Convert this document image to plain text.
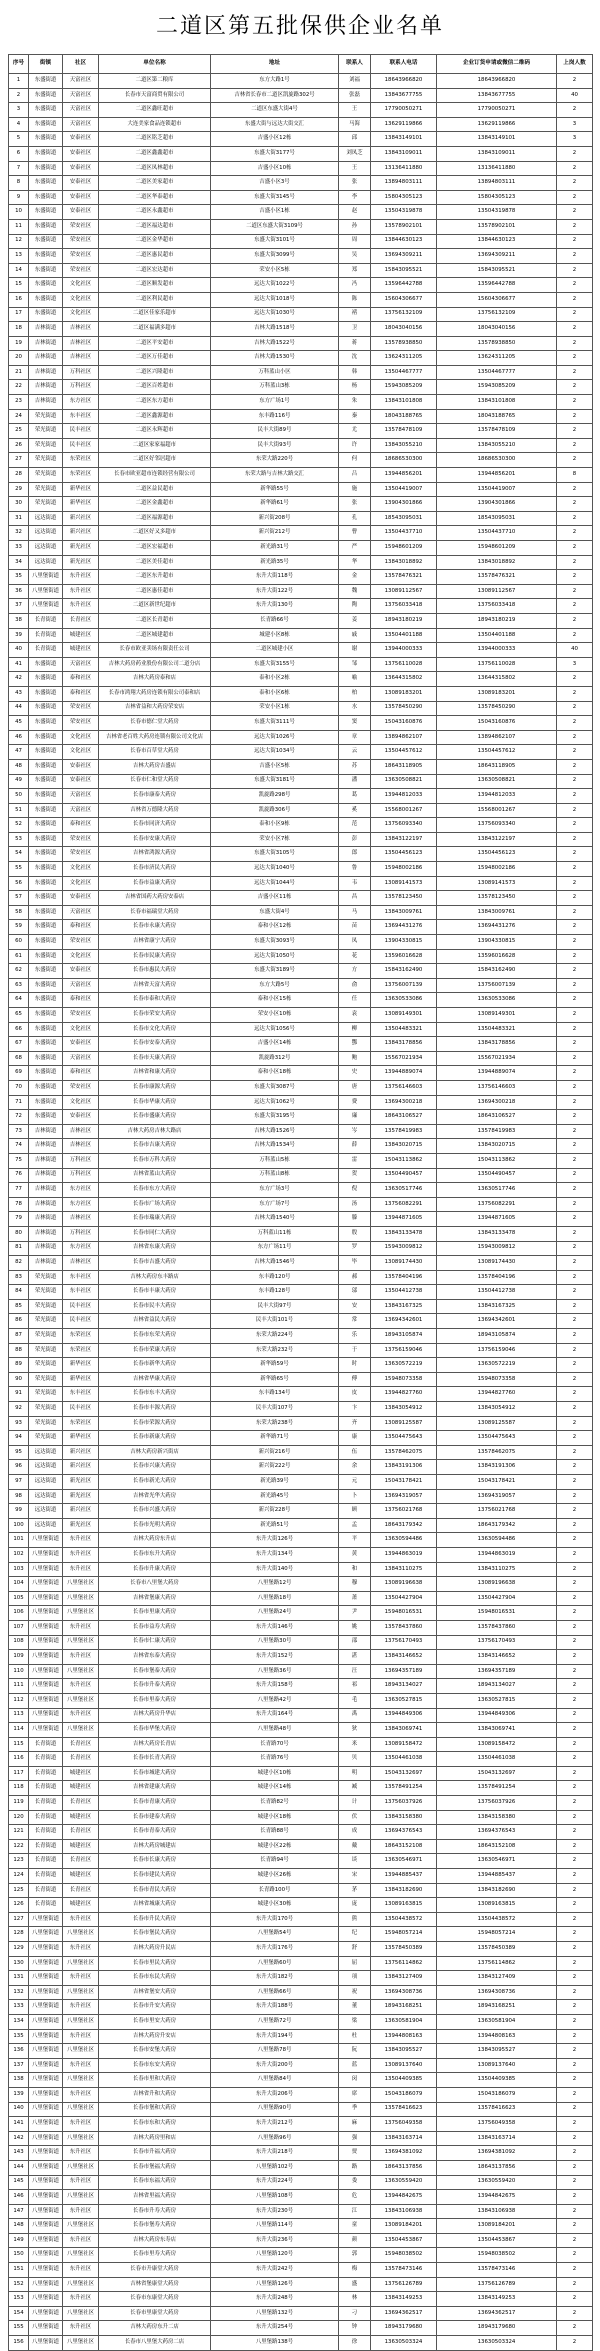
二道区第五批保供企业名单
序号	街镇	社区	单位名称	地址	联系人	联系人电话	企业订货申请或微信二维码	上岗人数
1	东盛街道	天富社区	二道区第二粮库	东方大路1号	刘福	18643966820	18643966820	2
2	东盛街道	天富社区	长春市天富商贸有限公司	吉林省长春市二道区凯旋路302号	张磊	13843677755	13843677755	40
3	东盛街道	天富社区	二道区鑫旺超市	二道区东盛大街4号	王	17790050271	17790050271	2
4	东盛街道	天富社区	大连美家食品连锁超市	东盛大街与远达大街交汇	马海	13629119866	13629119866	3
5	东盛街道	安泰社区	二道区铭芝超市	吉盛小区12栋	邱	13843149101	13843149101	3
6	东盛街道	安泰社区	二道区鑫鑫超市	东盛大街3177号	刘凤芝	13843109011	13843109011	2
7	东盛街道	安泰社区	二道区凤林超市	吉盛小区10栋	王	13136411880	13136411880	2
8	东盛街道	安泰社区	二道区美家超市	吉盛小区3号	张	13894803111	13894803111	2
9	东盛街道	安泰社区	二道区华泰超市	东盛大街3145号	李	15804305123	15804305123	2
10	东盛街道	安泰社区	二道区永鑫超市	吉盛小区1栋	赵	13504319878	13504319878	2
11	东盛街道	荣安社区	二道区福达超市	二道区东盛大街3109号	孙	13578902101	13578902101	2
12	东盛街道	荣安社区	二道区金华超市	东盛大街3101号	周	13844630123	13844630123	2
13	东盛街道	荣安社区	二道区惠民超市	东盛大街3099号	吴	13694309211	13694309211	2
14	东盛街道	荣安社区	二道区宏达超市	荣安小区5栋	郑	15843095521	15843095521	2
15	东盛街道	文化社区	二道区顺发超市	远达大街1022号	冯	13596442788	13596442788	2
16	东盛街道	文化社区	二道区利民超市	远达大街1018号	陈	15604306677	15604306677	2
17	东盛街道	文化社区	二道区佳家乐超市	远达大街1030号	褚	13756132109	13756132109	2
18	吉林街道	吉林社区	二道区福满多超市	吉林大路1518号	卫	18043040156	18043040156	2
19	吉林街道	吉林社区	二道区平安超市	吉林大路1522号	蒋	13578938850	13578938850	2
20	吉林街道	吉林社区	二道区万佳超市	吉林大路1530号	沈	13624311205	13624311205	2
21	吉林街道	万科社区	二道区兴隆超市	万科蓝山小区	韩	13504467777	13504467777	2
22	吉林街道	万科社区	二道区百姓超市	万科蓝山3栋	杨	15943085209	15943085209	2
23	吉林街道	东方社区	二道区东方超市	东方广场1号	朱	13843101808	13843101808	2
24	荣光街道	东丰社区	二道区鑫源超市	东丰路116号	秦	18043188765	18043188765	2
25	荣光街道	民丰社区	二道区永辉超市	民丰大街89号	尤	13578478109	13578478109	2
26	荣光街道	民丰社区	二道区家家福超市	民丰大街93号	许	13843055210	13843055210	2
27	荣光街道	东荣社区	二道区好邻居超市	东荣大路220号	何	18686530300	18686530300	2
28	荣光街道	东荣社区	长春市欧亚超市连锁经营有限公司	东荣大路与吉林大路交汇	吕	13944856201	13944856201	8
29	荣光街道	新华社区	二道区益民超市	新华路55号	施	13504419007	13504419007	2
30	荣光街道	新华社区	二道区金鑫超市	新华路61号	张	13904301866	13904301866	2
31	远达街道	新兴社区	二道区福源超市	新兴街208号	孔	18543095031	18543095031	2
32	远达街道	新兴社区	二道区好又多超市	新兴街212号	曹	13504437710	13504437710	2
33	远达街道	新光社区	二道区宏福超市	新光路31号	严	15948601209	15948601209	2
34	远达街道	新光社区	二道区美佳超市	新光路35号	华	13843018892	13843018892	2
35	八里堡街道	东升社区	二道区东升超市	东升大街118号	金	13578476321	13578476321	2
36	八里堡街道	东升社区	二道区惠佳超市	东升大街122号	魏	13089112567	13089112567	2
37	八里堡街道	东升社区	二道区新世纪超市	东升大街130号	陶	13756033418	13756033418	2
38	长青街道	长青社区	二道区长青超市	长青路66号	姜	18943180219	18943180219	2
39	长青街道	城建社区	二道区城建超市	城建小区8栋	戚	13504401188	13504401188	2
40	长青街道	城建社区	长春市欧亚卖场有限责任公司	二道区城建小区	谢	13944000333	13944000333	40
41	东盛街道	天富社区	吉林大药房药业股份有限公司二道分店	东盛大街3155号	邹	13756110028	13756110028	3
42	东盛街道	泰和社区	吉林大药房泰和店	泰和小区2栋	喻	13644315802	13644315802	2
43	东盛街道	泰和社区	长春市鸿翔大药房连锁有限公司泰和店	泰和小区6栋	柏	13089183201	13089183201	2
44	东盛街道	荣安社区	吉林省益和大药房荣安店	荣安小区1栋	水	13578450290	13578450290	2
45	东盛街道	荣安社区	长春市德仁堂大药房	东盛大街3111号	窦	15043160876	15043160876	2
46	东盛街道	文化社区	吉林省老百姓大药房连锁有限公司文化店	远达大街1026号	章	13894862107	13894862107	2
47	东盛街道	文化社区	长春市百草堂大药房	远达大街1034号	云	13504457612	13504457612	2
48	东盛街道	安泰社区	吉林大药房吉盛店	吉盛小区5栋	苏	18643118905	18643118905	2
49	东盛街道	安泰社区	长春市仁和堂大药房	东盛大街3181号	潘	13630508821	13630508821	2
50	东盛街道	天富社区	长春市康泰大药房	凯旋路298号	葛	13944812033	13944812033	2
51	东盛街道	天富社区	吉林省万德隆大药房	凯旋路306号	奚	15568001267	15568001267	2
52	东盛街道	泰和社区	长春市同济大药房	泰和小区9栋	范	13756093340	13756093340	2
53	东盛街道	荣安社区	长春市安康大药房	荣安小区7栋	彭	13843122197	13843122197	2
54	东盛街道	荣安社区	吉林省鸿源大药房	东盛大街3105号	郎	13504456123	13504456123	2
55	东盛街道	文化社区	长春市济民大药房	远达大街1040号	鲁	15948002186	15948002186	2
56	东盛街道	文化社区	长春市益康大药房	远达大街1044号	韦	13089141573	13089141573	2
57	东盛街道	安泰社区	吉林省国药大药房安泰店	吉盛小区11栋	昌	13578123450	13578123450	2
58	东盛街道	天富社区	长春市福瑞堂大药房	东盛大街4号	马	13843009761	13843009761	2
59	东盛街道	泰和社区	长春市永康大药房	泰和小区12栋	苗	13694431276	13694431276	2
60	东盛街道	荣安社区	吉林省康宁大药房	东盛大街3093号	凤	13904330815	13904330815	2
61	东盛街道	文化社区	长春市民康大药房	远达大街1050号	花	13596016628	13596016628	2
62	东盛街道	安泰社区	长春市惠民大药房	东盛大街3189号	方	15843162490	15843162490	2
63	东盛街道	天富社区	吉林省天富大药房	东方大路5号	俞	13756007139	13756007139	2
64	东盛街道	泰和社区	长春市泰和大药房	泰和小区15栋	任	13630533086	13630533086	2
65	东盛街道	荣安社区	长春市荣安大药房	荣安小区10栋	袁	13089149301	13089149301	2
66	东盛街道	文化社区	长春市文化大药房	远达大街1056号	柳	13504483321	13504483321	2
67	东盛街道	安泰社区	长春市安泰大药房	吉盛小区14栋	酆	13843178856	13843178856	2
68	东盛街道	天富社区	长春市天康大药房	凯旋路312号	鲍	15567021934	15567021934	2
69	东盛街道	泰和社区	吉林省和康大药房	泰和小区18栋	史	13944889074	13944889074	2
70	东盛街道	荣安社区	长春市康源大药房	东盛大街3087号	唐	13756146603	13756146603	2
71	东盛街道	文化社区	长春市华康大药房	远达大街1062号	费	13694300218	13694300218	2
72	东盛街道	安泰社区	长春市盛康大药房	东盛大街3195号	廉	18643106527	18643106527	2
73	吉林街道	吉林社区	吉林大药房吉林大路店	吉林大路1526号	岑	13578419983	13578419983	2
74	吉林街道	吉林社区	长春市吉康大药房	吉林大路1534号	薛	13843020715	13843020715	2
75	吉林街道	万科社区	长春市万科大药房	万科蓝山5栋	雷	15043113862	15043113862	2
76	吉林街道	万科社区	吉林省蓝山大药房	万科蓝山8栋	贺	13504490457	13504490457	2
77	吉林街道	东方社区	长春市东方大药房	东方广场3号	倪	13630517746	13630517746	2
78	吉林街道	东方社区	长春市广场大药房	东方广场7号	汤	13756082291	13756082291	2
79	吉林街道	吉林社区	长春市瑞康大药房	吉林大路1540号	滕	13944871605	13944871605	2
80	吉林街道	万科社区	长春市同仁大药房	万科蓝山11栋	殷	13843133478	13843133478	2
81	吉林街道	东方社区	吉林省东康大药房	东方广场11号	罗	15943009812	15943009812	2
82	吉林街道	吉林社区	长春市吉盛大药房	吉林大路1546号	毕	13089174430	13089174430	2
83	荣光街道	东丰社区	吉林大药房东丰路店	东丰路120号	郝	13578404196	13578404196	2
84	荣光街道	东丰社区	长春市丰康大药房	东丰路128号	邬	13504412738	13504412738	2
85	荣光街道	民丰社区	长春市民丰大药房	民丰大街97号	安	13843167325	13843167325	2
86	荣光街道	民丰社区	吉林省益民大药房	民丰大街101号	常	13694342601	13694342601	2
87	荣光街道	东荣社区	长春市东荣大药房	东荣大路224号	乐	18943105874	18943105874	2
88	荣光街道	东荣社区	长春市荣康大药房	东荣大路232号	于	13756159046	13756159046	2
89	荣光街道	新华社区	长春市新华大药房	新华路59号	时	13630572219	13630572219	2
90	荣光街道	新华社区	吉林省华康大药房	新华路65号	傅	15948073358	15948073358	2
91	荣光街道	东丰社区	长春市东丰大药房	东丰路134号	皮	13944827760	13944827760	2
92	荣光街道	民丰社区	长春市丰源大药房	民丰大街107号	卞	13843054912	13843054912	2
93	荣光街道	东荣社区	长春市荣源大药房	东荣大路238号	齐	13089125587	13089125587	2
94	荣光街道	新华社区	长春市新康大药房	新华路71号	康	13504475643	13504475643	2
95	远达街道	新兴社区	吉林大药房新兴街店	新兴街216号	伍	13578462075	13578462075	2
96	远达街道	新兴社区	长春市兴康大药房	新兴街222号	余	13843191306	13843191306	2
97	远达街道	新光社区	长春市新光大药房	新光路39号	元	15043178421	15043178421	2
98	远达街道	新光社区	吉林省光华大药房	新光路45号	卜	13694319057	13694319057	2
99	远达街道	新兴社区	长春市兴盛大药房	新兴街228号	顾	13756021768	13756021768	2
100	远达街道	新光社区	长春市光明大药房	新光路51号	孟	18643179342	18643179342	2
101	八里堡街道	东升社区	吉林大药房东升店	东升大街126号	平	13630594486	13630594486	2
102	八里堡街道	东升社区	长春市东升大药房	东升大街134号	黄	13944863019	13944863019	2
103	八里堡街道	东升社区	长春市升康大药房	东升大街140号	和	13843110275	13843110275	2
104	八里堡街道	八里堡社区	长春市八里堡大药房	八里堡路12号	穆	13089196638	13089196638	2
105	八里堡街道	八里堡社区	吉林省堡康大药房	八里堡路18号	萧	13504427904	13504427904	2
106	八里堡街道	八里堡社区	长春市里康大药房	八里堡路24号	尹	15948016531	15948016531	2
107	八里堡街道	东升社区	长春市益寿大药房	东升大街146号	姚	13578437860	13578437860	2
108	八里堡街道	八里堡社区	长春市仁康大药房	八里堡路30号	邵	13756170493	13756170493	2
109	八里堡街道	东升社区	吉林省东泰大药房	东升大街152号	湛	13843146652	13843146652	2
110	八里堡街道	八里堡社区	长春市堡泰大药房	八里堡路36号	汪	13694357189	13694357189	2
111	八里堡街道	东升社区	长春市升泰大药房	东升大街158号	祁	18943134027	18943134027	2
112	八里堡街道	八里堡社区	长春市里泰大药房	八里堡路42号	毛	13630527815	13630527815	2
113	八里堡街道	东升社区	吉林大药房升华店	东升大街164号	禹	13944849306	13944849306	2
114	八里堡街道	八里堡社区	长春市华堡大药房	八里堡路48号	狄	13843069741	13843069741	2
115	长青街道	长青社区	吉林大药房长青店	长青路70号	米	13089158472	13089158472	2
116	长青街道	长青社区	长春市长青大药房	长青路76号	贝	13504461038	13504461038	2
117	长青街道	城建社区	长春市城建大药房	城建小区10栋	明	15043132697	15043132697	2
118	长青街道	城建社区	吉林省建康大药房	城建小区14栋	臧	13578491254	13578491254	2
119	长青街道	长青社区	长春市青康大药房	长青路82号	计	13756037926	13756037926	2
120	长青街道	城建社区	长春市建泰大药房	城建小区18栋	伏	13843158380	13843158380	2
121	长青街道	长青社区	长春市青泰大药房	长青路88号	成	13694376543	13694376543	2
122	长青街道	城建社区	吉林大药房城建店	城建小区22栋	戴	18643152108	18643152108	2
123	长青街道	长青社区	长春市长康大药房	长青路94号	谈	13630546971	13630546971	2
124	长青街道	城建社区	长春市建民大药房	城建小区26栋	宋	13944885437	13944885437	2
125	长青街道	长青社区	长春市青民大药房	长青路100号	茅	13843182690	13843182690	2
126	长青街道	城建社区	吉林省城康大药房	城建小区30栋	庞	13089163815	13089163815	2
127	八里堡街道	东升社区	长春市升民大药房	东升大街170号	熊	13504438572	13504438572	2
128	八里堡街道	八里堡社区	长春市堡民大药房	八里堡路54号	纪	15948057214	15948057214	2
129	八里堡街道	东升社区	吉林大药房升民店	东升大街176号	舒	13578450389	13578450389	2
130	八里堡街道	八里堡社区	长春市里民大药房	八里堡路60号	屈	13756114862	13756114862	2
131	八里堡街道	东升社区	长春市东民大药房	东升大街182号	项	13843127409	13843127409	2
132	八里堡街道	八里堡社区	吉林省堡安大药房	八里堡路66号	祝	13694308736	13694308736	2
133	八里堡街道	东升社区	长春市升安大药房	东升大街188号	董	18943168251	18943168251	2
134	八里堡街道	八里堡社区	长春市里安大药房	八里堡路72号	梁	13630581904	13630581904	2
135	八里堡街道	东升社区	吉林大药房升安店	东升大街194号	杜	13944808163	13944808163	2
136	八里堡街道	八里堡社区	长春市安堡大药房	八里堡路78号	阮	13843095527	13843095527	2
137	八里堡街道	东升社区	长春市东安大药房	东升大街200号	蓝	13089137640	13089137640	2
138	八里堡街道	八里堡社区	长春市里和大药房	八里堡路84号	闵	13504409385	13504409385	2
139	八里堡街道	东升社区	吉林省升和大药房	东升大街206号	席	15043186079	15043186079	2
140	八里堡街道	八里堡社区	长春市堡和大药房	八里堡路90号	季	13578416623	13578416623	2
141	八里堡街道	东升社区	长春市东和大药房	东升大街212号	麻	13756049358	13756049358	2
142	八里堡街道	八里堡社区	吉林大药房里和店	八里堡路96号	强	13843163714	13843163714	2
143	八里堡街道	东升社区	长春市升福大药房	东升大街218号	贾	13694381092	13694381092	2
144	八里堡街道	八里堡社区	长春市堡福大药房	八里堡路102号	路	18643137856	18643137856	2
145	八里堡街道	东升社区	长春市东福大药房	东升大街224号	娄	13630559420	13630559420	2
146	八里堡街道	八里堡社区	吉林省里福大药房	八里堡路108号	危	13944842675	13944842675	2
147	八里堡街道	东升社区	长春市升寿大药房	东升大街230号	江	13843106938	13843106938	2
148	八里堡街道	八里堡社区	长春市堡寿大药房	八里堡路114号	童	13089184201	13089184201	2
149	八里堡街道	东升社区	吉林大药房东寿店	东升大街236号	颜	13504453867	13504453867	2
150	八里堡街道	八里堡社区	长春市里寿大药房	八里堡路120号	郭	15948038502	15948038502	2
151	八里堡街道	东升社区	长春市升康堂大药房	东升大街242号	梅	13578473146	13578473146	2
152	八里堡街道	八里堡社区	吉林省堡康堂大药房	八里堡路126号	盛	13756126789	13756126789	2
153	八里堡街道	东升社区	长春市东康堂大药房	东升大街248号	林	13843149253	13843149253	2
154	八里堡街道	八里堡社区	长春市里康堂大药房	八里堡路132号	刁	13694362517	13694362517	2
155	八里堡街道	东升社区	吉林大药房东升二店	东升大街254号	钟	18943179680	18943179680	2
156	八里堡街道	八里堡社区	长春市八里堡大药房二店	八里堡路138号	徐	13630503324	13630503324	2
